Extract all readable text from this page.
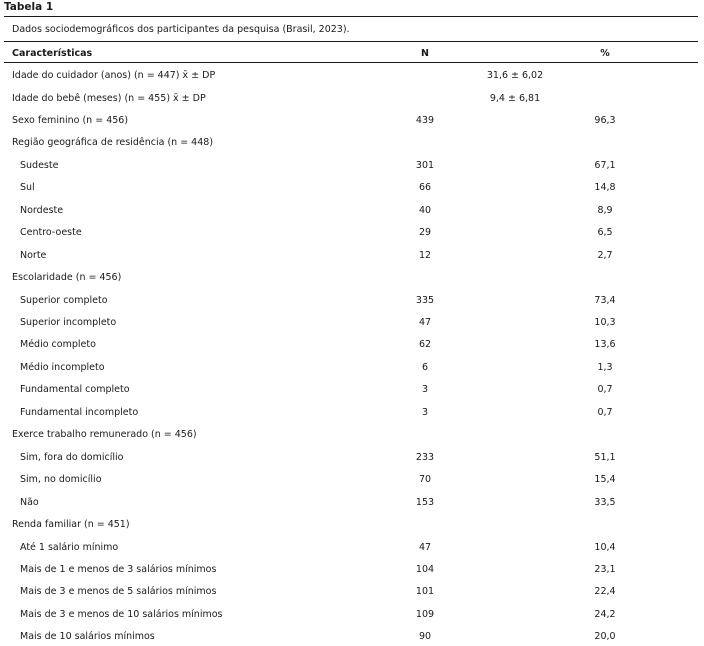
Tabela 1
Dados sociodemográficos dos participantes da pesquisa (Brasil, 2023).
Características	N	%
Idade do cuidador (anos) (n = 447) x̄ ± DP	31,6 ± 6,02
Idade do bebê (meses) (n = 455) x̄ ± DP	9,4 ± 6,81
Sexo feminino (n = 456)	439	96,3
Região geográfica de residência (n = 448)
Sudeste	301	67,1
Sul	66	14,8
Nordeste	40	8,9
Centro-oeste	29	6,5
Norte	12	2,7
Escolaridade (n = 456)
Superior completo	335	73,4
Superior incompleto	47	10,3
Médio completo	62	13,6
Médio incompleto	6	1,3
Fundamental completo	3	0,7
Fundamental incompleto	3	0,7
Exerce trabalho remunerado (n = 456)
Sim, fora do domicílio	233	51,1
Sim, no domicílio	70	15,4
Não	153	33,5
Renda familiar (n = 451)
Até 1 salário mínimo	47	10,4
Mais de 1 e menos de 3 salários mínimos	104	23,1
Mais de 3 e menos de 5 salários mínimos	101	22,4
Mais de 3 e menos de 10 salários mínimos	109	24,2
Mais de 10 salários mínimos	90	20,0
